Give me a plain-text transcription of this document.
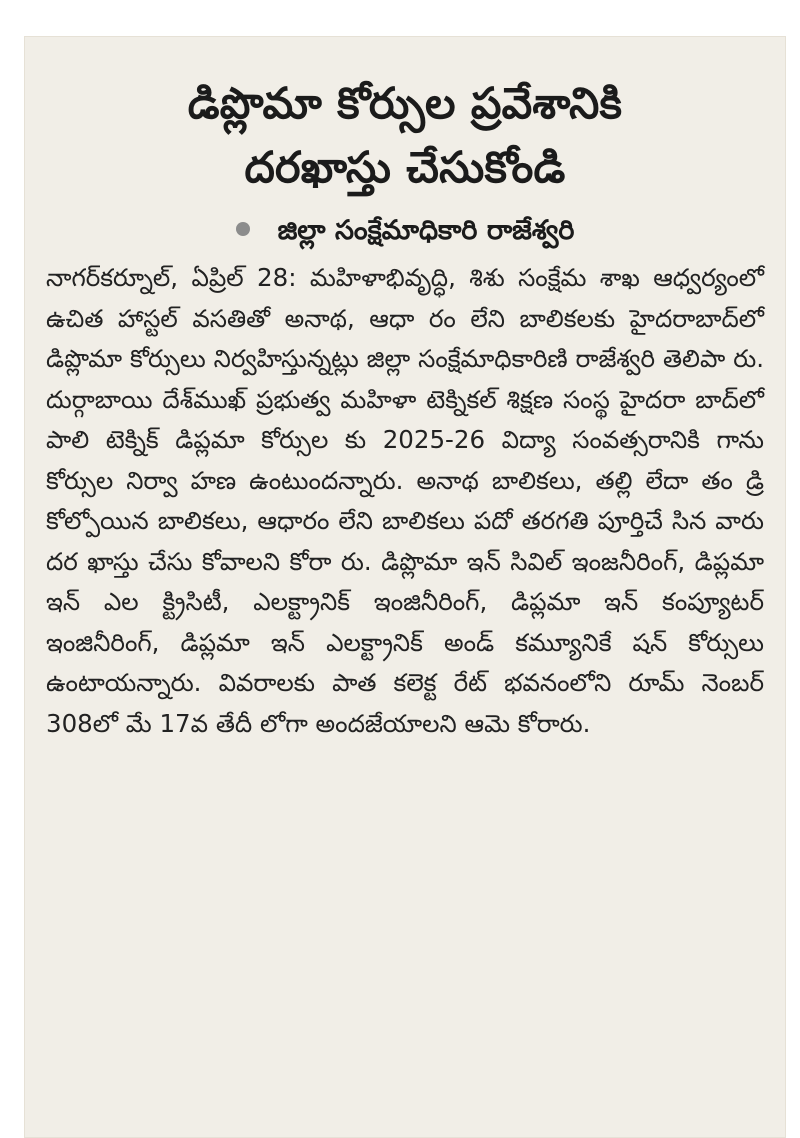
డిప్లొమా కోర్సుల ప్రవేశానికి
దరఖాస్తు చేసుకోండి
జిల్లా సంక్షేమాధికారి రాజేశ్వరి

నాగర్‌కర్నూల్, ఏప్రిల్ 28: మహిళాభివృద్ధి, శిశు సంక్షేమ శాఖ ఆధ్వర్యంలో ఉచిత హాస్టల్ వసతితో అనాథ, ఆధా రం లేని బాలికలకు హైదరాబాద్‌లో డిప్లొమా కోర్సులు నిర్వహిస్తున్నట్లు జిల్లా సంక్షేమాధికారిణి రాజేశ్వరి తెలిపా రు. దుర్గాబాయి దేశ్‌ముఖ్ ప్రభుత్వ మహిళా టెక్నికల్ శిక్షణ సంస్థ హైదరా బాద్‌లో పాలి టెక్నిక్ డిప్లమా కోర్సుల కు 2025-26 విద్యా సంవత్సరానికి గాను కోర్సుల నిర్వా హణ ఉంటుందన్నారు. అనాథ బాలికలు, తల్లి లేదా తం డ్రి కోల్పోయిన బాలికలు, ఆధారం లేని బాలికలు పదో తరగతి పూర్తిచే సిన వారు దర ఖాస్తు చేసు కోవాలని కోరా రు. డిప్లొమా ఇన్ సివిల్ ఇంజనీరింగ్, డిప్లమా ఇన్ ఎల క్ట్రిసిటీ, ఎలక్ట్రానిక్ ఇంజినీరింగ్, డిప్లమా ఇన్ కంప్యూటర్ ఇంజినీరింగ్, డిప్లమా ఇన్ ఎలక్ట్రానిక్ అండ్ కమ్యూనికే షన్ కోర్సులు ఉంటాయన్నారు. వివరాలకు పాత కలెక్ట రేట్ భవనంలోని రూమ్ నెంబర్ 308లో మే 17వ తేదీ లోగా అందజేయాలని ఆమె కోరారు.
